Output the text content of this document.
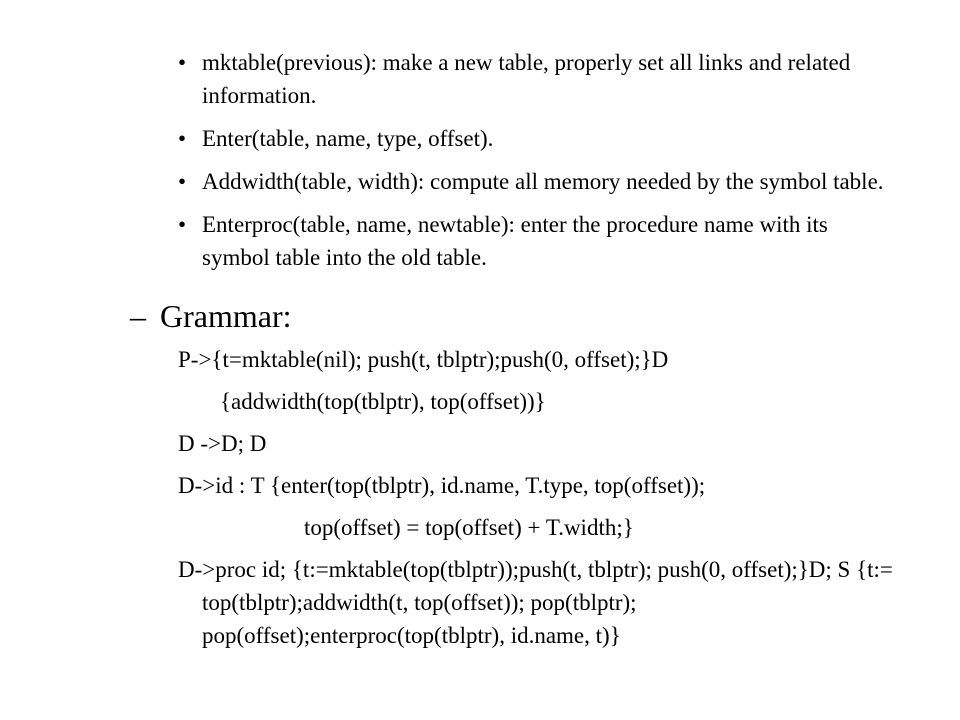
• mktable(previous): make a new table, properly set all links and related information.
• Enter(table, name, type, offset).
• Addwidth(table, width): compute all memory needed by the symbol table.
• Enterproc(table, name, newtable): enter the procedure name with its symbol table into the old table.
– Grammar:
P->{t=mktable(nil); push(t, tblptr);push(0, offset);}D
{addwidth(top(tblptr), top(offset))}
D ->D; D
D->id : T {enter(top(tblptr), id.name, T.type, top(offset));
top(offset) = top(offset) + T.width;}
D->proc id; {t:=mktable(top(tblptr));push(t, tblptr); push(0, offset);}D; S {t:= top(tblptr);addwidth(t, top(offset)); pop(tblptr); pop(offset);enterproc(top(tblptr), id.name, t)}
